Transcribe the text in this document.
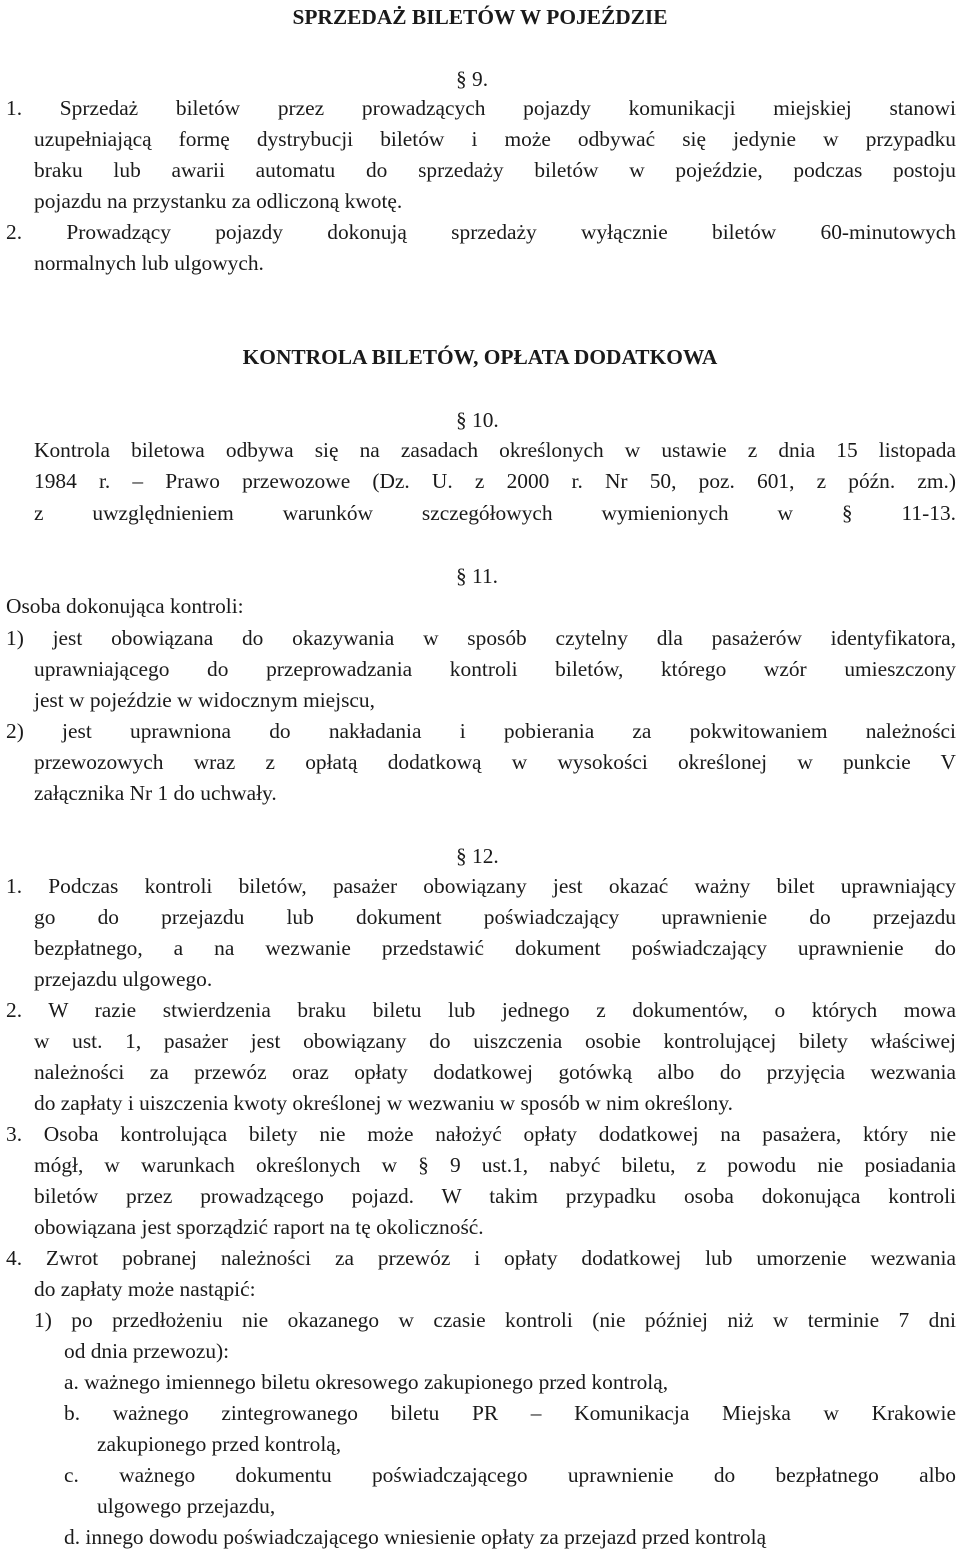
SPRZEDAŻ BILETÓW W POJEŹDZIE
§ 9.
1. Sprzedaż biletów przez prowadzących pojazdy komunikacji miejskiej stanowi
uzupełniającą formę dystrybucji biletów i może odbywać się jedynie w przypadku
braku lub awarii automatu do sprzedaży biletów w pojeździe, podczas postoju
pojazdu na przystanku za odliczoną kwotę.
2. Prowadzący pojazdy dokonują sprzedaży wyłącznie biletów 60-minutowych
normalnych lub ulgowych.
KONTROLA BILETÓW, OPŁATA DODATKOWA
§ 10.
Kontrola biletowa odbywa się na zasadach określonych w ustawie z dnia 15 listopada
1984 r. – Prawo przewozowe (Dz. U. z 2000 r. Nr 50, poz. 601, z późn. zm.)
z uwzględnieniem warunków szczegółowych wymienionych w § 11-13.
§ 11.
Osoba dokonująca kontroli:
1) jest obowiązana do okazywania w sposób czytelny dla pasażerów identyfikatora,
uprawniającego do przeprowadzania kontroli biletów, którego wzór umieszczony
jest w pojeździe w widocznym miejscu,
2) jest uprawniona do nakładania i pobierania za pokwitowaniem należności
przewozowych wraz z opłatą dodatkową w wysokości określonej w punkcie V
załącznika Nr 1 do uchwały.
§ 12.
1. Podczas kontroli biletów, pasażer obowiązany jest okazać ważny bilet uprawniający
go do przejazdu lub dokument poświadczający uprawnienie do przejazdu
bezpłatnego, a na wezwanie przedstawić dokument poświadczający uprawnienie do
przejazdu ulgowego.
2. W razie stwierdzenia braku biletu lub jednego z dokumentów, o których mowa
w ust. 1, pasażer jest obowiązany do uiszczenia osobie kontrolującej bilety właściwej
należności za przewóz oraz opłaty dodatkowej gotówką albo do przyjęcia wezwania
do zapłaty i uiszczenia kwoty określonej w wezwaniu w sposób w nim określony.
3. Osoba kontrolująca bilety nie może nałożyć opłaty dodatkowej na pasażera, który nie
mógł, w warunkach określonych w § 9 ust.1, nabyć biletu, z powodu nie posiadania
biletów przez prowadzącego pojazd. W takim przypadku osoba dokonująca kontroli
obowiązana jest sporządzić raport na tę okoliczność.
4. Zwrot pobranej należności za przewóz i opłaty dodatkowej lub umorzenie wezwania
do zapłaty może nastąpić:
1) po przedłożeniu nie okazanego w czasie kontroli (nie później niż w terminie 7 dni
od dnia przewozu):
a. ważnego imiennego biletu okresowego zakupionego przed kontrolą,
b. ważnego zintegrowanego biletu PR – Komunikacja Miejska w Krakowie
zakupionego przed kontrolą,
c. ważnego dokumentu poświadczającego uprawnienie do bezpłatnego albo
ulgowego przejazdu,
d. innego dowodu poświadczającego wniesienie opłaty za przejazd przed kontrolą
